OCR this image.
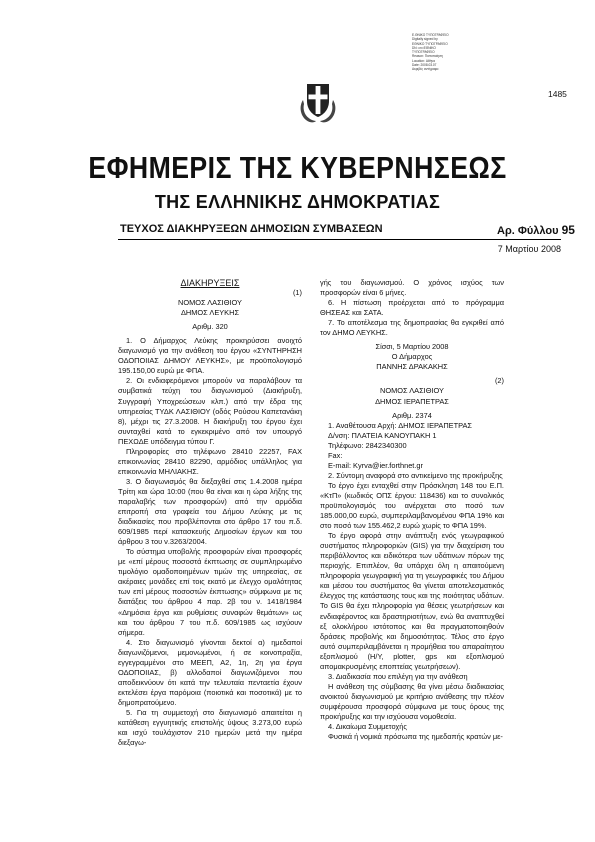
Ε.ΘΝΙΚΟ ΤΥΠΟΓΡΑΦΕΙΟ
Digitally signed by
ΕΘΝΙΚΟ ΤΥΠΟΓΡΑΦΕΙΟ
DN: cn=ΕΘΝΙΚΟ
ΤΥΠΟΓΡΑΦΕΙΟ
Reason: Πιστοποίηση
Location: Αθήνα
Date: 2008.03.07
Ακριβές αντίγραφο
1485
ΕΦΗΜΕΡΙΣ ΤΗΣ ΚΥΒΕΡΝΗΣΕΩΣ
ΤΗΣ ΕΛΛΗΝΙΚΗΣ ΔΗΜΟΚΡΑΤΙΑΣ
ΤΕΥΧΟΣ ΔΙΑΚΗΡΥΞΕΩΝ ΔΗΜΟΣΙΩΝ ΣΥΜΒΑΣΕΩΝ	Αρ. Φύλλου 95
7 Μαρτίου 2008

ΔΙΑΚΗΡΥΞΕΙΣ

(1)

ΝΟΜΟΣ ΛΑΣΙΘΙΟΥ

ΔΗΜΟΣ ΛΕΥΚΗΣ

Αριθμ. 320

1. Ο Δήμαρχος Λεύκης προκηρύσσει ανοιχτό διαγωνισμό για την ανάθεση του έργου «ΣΥΝΤΗΡΗΣΗ ΟΔΟΠΟΙΙΑΣ ΔΗΜΟΥ ΛΕΥΚΗΣ», με προϋπολογισμό 195.150,00 ευρώ με ΦΠΑ.

2. Οι ενδιαφερόμενοι μπορούν να παραλάβουν τα συμβατικά τεύχη του διαγωνισμού (Διακήρυξη, Συγγραφή Υποχρεώσεων κλπ.) από την έδρα της υπηρεσίας ΤΥΔΚ ΛΑΣΙΘΙΟΥ (οδός Ρούσου Καπετανάκη 8), μέχρι τις 27.3.2008. Η διακήρυξη του έργου έχει συνταχθεί κατά το εγκεκριμένο από τον υπουργό ΠΕΧΩΔΕ υπόδειγμα τύπου Γ.

Πληροφορίες στο τηλέφωνο 28410 22257, FAX επικοινωνίας 28410 82290, αρμόδιος υπάλληλος για επικοινωνία ΜΗΛΙΑΚΗΣ.

3. Ο διαγωνισμός θα διεξαχθεί στις 1.4.2008 ημέρα Τρίτη και ώρα 10:00 (που θα είναι και η ώρα λήξης της παραλαβής των προσφορών) από την αρμόδια επιτροπή στα γραφεία του Δήμου Λεύκης με τις διαδικασίες που προβλέπονται στο άρθρο 17 του π.δ. 609/1985 περί κατασκευής Δημοσίων έργων και του άρθρου 3 του ν.3263/2004.

Το σύστημα υποβολής προσφορών είναι προσφορές με «επί μέρους ποσοστά έκπτωσης σε συμπληρωμένο τιμολόγιο ομαδοποιημένων τιμών της υπηρεσίας, σε ακέραιες μονάδες επί τοις εκατό με έλεγχο ομαλότητας των επί μέρους ποσοστών έκπτωσης» σύμφωνα με τις διατάξεις του άρθρου 4 παρ. 2β του ν. 1418/1984 «Δημόσια έργα και ρυθμίσεις συναφών θεμάτων» ως και του άρθρου 7 του π.δ. 609/1985 ως ισχύουν σήμερα.

4. Στο διαγωνισμό γίνονται δεκτοί α) ημεδαποί διαγωνιζόμενοι, μεμονωμένοι, ή σε κοινοπραξία, εγγεγραμμένοι στο ΜΕΕΠ, Α2, 1η, 2η για έργα ΟΔΟΠΟΙΙΑΣ, β) αλλοδαποί διαγωνιζόμενοι που αποδεικνύουν ότι κατά την τελευταία πενταετία έχουν εκτελέσει έργα παρόμοια (ποιοτικά και ποσοτικά) με το δημοπρατούμενο.

5. Για τη συμμετοχή στο διαγωνισμό απαιτείται η κατάθεση εγγυητικής επιστολής ύψους 3.273,00 ευρώ και ισχύ τουλάχιστον 210 ημερών μετά την ημέρα διεξαγω-

γής του διαγωνισμού. Ο χρόνος ισχύος των προσφορών είναι 6 μήνες.

6. Η πίστωση προέρχεται από το πρόγραμμα ΘΗΣΕΑΣ και ΣΑΤΑ.

7. Το αποτέλεσμα της δημοπρασίας θα εγκριθεί από τον ΔΗΜΟ ΛΕΥΚΗΣ.

Σίσσι, 5 Μαρτίου 2008

Ο Δήμαρχος

ΠΑΝΝΗΣ ΔΡΑΚΑΚΗΣ

(2)

ΝΟΜΟΣ ΛΑΣΙΘΙΟΥ

ΔΗΜΟΣ ΙΕΡΑΠΕΤΡΑΣ

Αριθμ. 2374

1. Αναθέτουσα Αρχή: ΔΗΜΟΣ ΙΕΡΑΠΕΤΡΑΣ

Δ/νση: ΠΛΑΤΕΙΑ ΚΑΝΟΥΠΑΚΗ 1

Τηλέφωνο: 2842340300

Fax:

E-mail: Kyrva@ier.forthnet.gr

2. Σύντομη αναφορά στο αντικείμενο της προκήρυξης

Το έργο έχει ενταχθεί στην Πρόσκληση 148 του Ε.Π. «ΚτΠ» (κωδικός ΟΠΣ έργου: 118436) και το συνολικός προϋπολογισμός του ανέρχεται στο ποσό των 185.000,00 ευρώ, συμπεριλαμβανομένου ΦΠΑ 19% και στο ποσό των 155.462,2 ευρώ χωρίς το ΦΠΑ 19%.

Το έργο αφορά στην ανάπτυξη ενός γεωγραφικού συστήματος πληροφοριών (GIS) για την διαχείριση του περιβάλλοντος και ειδικότερα των υδάτινων πόρων της περιοχής. Επιπλέον, θα υπάρχει όλη η απαιτούμενη πληροφορία γεωγραφική για τη γεωγραφικές του Δήμου και μέσου του συστήματος θα γίνεται αποτελεσματικός έλεγχος της κατάστασης τους και της ποιότητας υδάτων. Το GIS θα έχει πληροφορία για θέσεις γεωτρήσεων και ενδιαφέροντος και δραστηριοτήτων, ενώ θα αναπτυχθεί εξ ολοκλήρου ιστότοπος και θα πραγματοποιηθούν δράσεις προβολής και δημοσιότητας. Τέλος στο έργο αυτό συμπεριλαμβάνεται η προμήθεια του απαραίτητου εξοπλισμού (Η/Υ, plotter, gps και εξοπλισμού απομακρυσμένης εποπτείας γεωτρήσεων).

3. Διαδικασία που επιλέγη για την ανάθεση

Η ανάθεση της σύμβασης θα γίνει μέσω διαδικασίας ανοικτού διαγωνισμού με κριτήριο ανάθεσης την πλέον συμφέρουσα προσφορά σύμφωνα με τους όρους της προκήρυξης και την ισχύουσα νομοθεσία.

4. Δικαίωμα Συμμετοχής

Φυσικά ή νομικά πρόσωπα της ημεδαπής κρατών με-
